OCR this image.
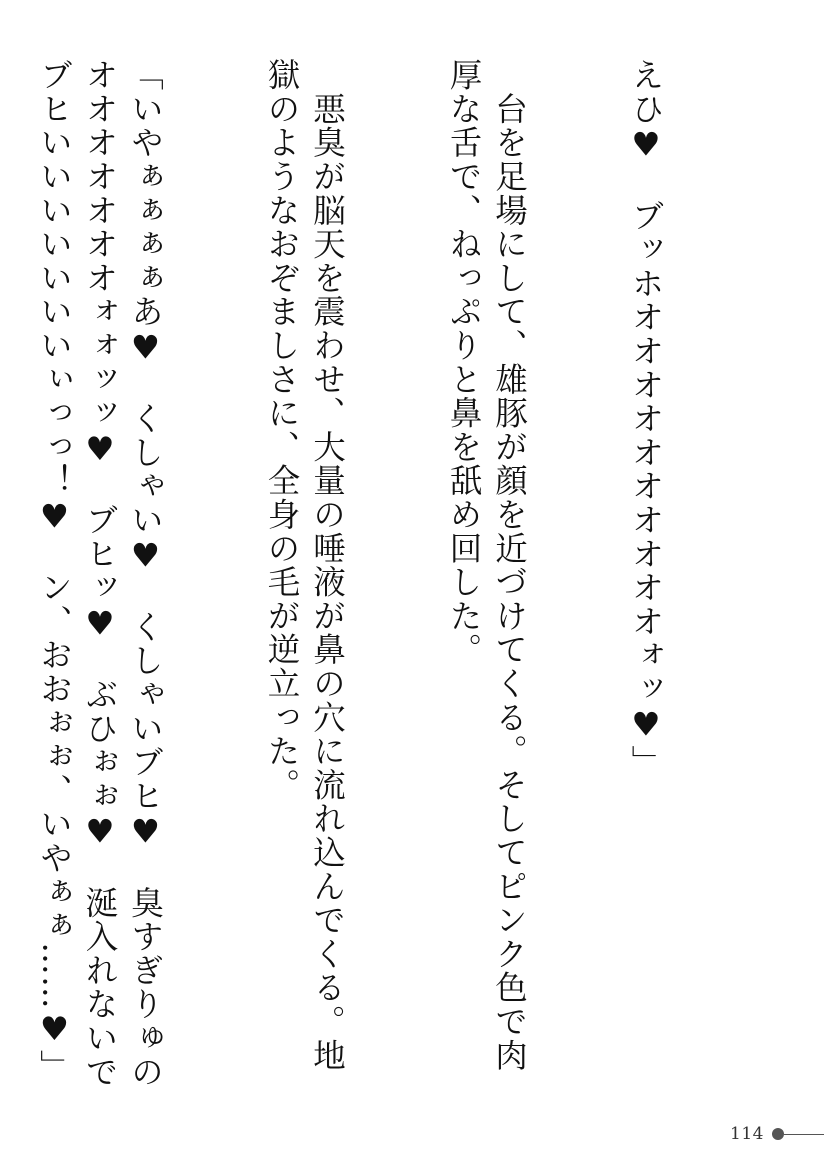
えひ♥　ブッホオオオオオオオオオオォッ♥」

　台を足場にして、雄豚が顔を近づけてくる。そしてピンク色で肉厚な舌で、ねっぷりと鼻を舐め回した。

　悪臭が脳天を震わせ、大量の唾液が鼻の穴に流れ込んでくる。地獄のようなおぞましさに、全身の毛が逆立った。

「いやぁぁぁぁあ♥　くしゃい♥　くしゃいブヒ♥　臭すぎりゅのオオオオオオオォォッッ♥　ブヒッ♥　ぶひぉぉ♥　涎入れないでブヒいいいいいいいぃっっ！♥　ン、おおぉぉ、いやぁぁ……♥」

114
